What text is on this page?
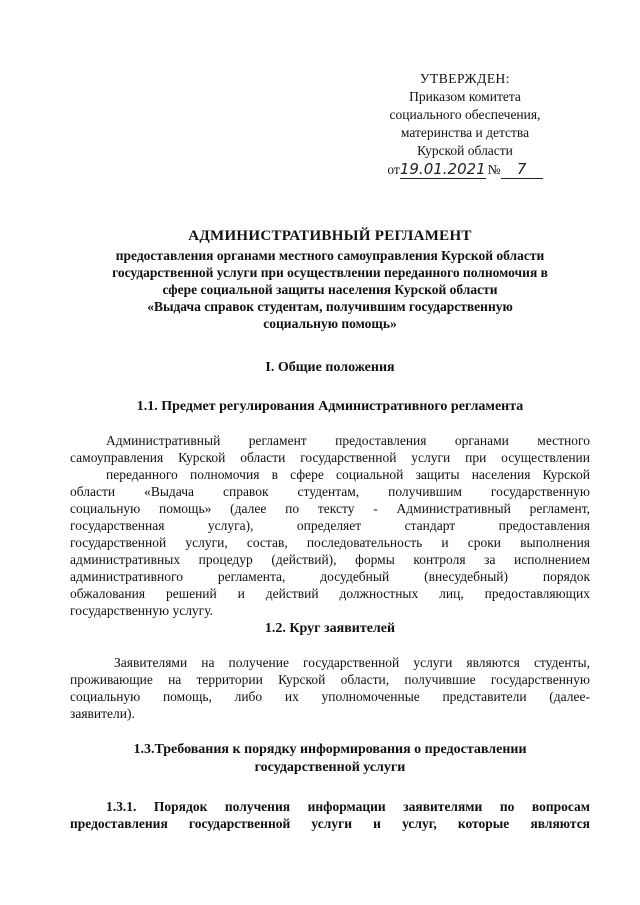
УТВЕРЖДЕН:
Приказом комитета
социального обеспечения,
материнства и детства
Курской области
от19.01.2021 № 7
АДМИНИСТРАТИВНЫЙ РЕГЛАМЕНТ
предоставления органами местного самоуправления Курской области
государственной услуги при осуществлении переданного полномочия в
сфере социальной защиты населения Курской области
«Выдача справок студентам, получившим государственную
социальную помощь»
I. Общие положения
1.1. Предмет регулирования Административного регламента
Административный регламент предоставления органами местного
самоуправления Курской области государственной услуги при осуществлении
переданного полномочия в сфере социальной защиты населения Курской
области «Выдача справок студентам, получившим государственную
социальную помощь» (далее по тексту - Административный регламент,
государственная услуга), определяет стандарт предоставления
государственной услуги, состав, последовательность и сроки выполнения
административных процедур (действий), формы контроля за исполнением
административного регламента, досудебный (внесудебный) порядок
обжалования решений и действий должностных лиц, предоставляющих
государственную услугу.
1.2. Круг заявителей
Заявителями на получение государственной услуги являются студенты,
проживающие на территории Курской области, получившие государственную
социальную помощь, либо их уполномоченные представители (далее-
заявители).
1.3.Требования к порядку информирования о предоставлении
государственной услуги
1.3.1. Порядок получения информации заявителями по вопросам
предоставления государственной услуги и услуг, которые являются
